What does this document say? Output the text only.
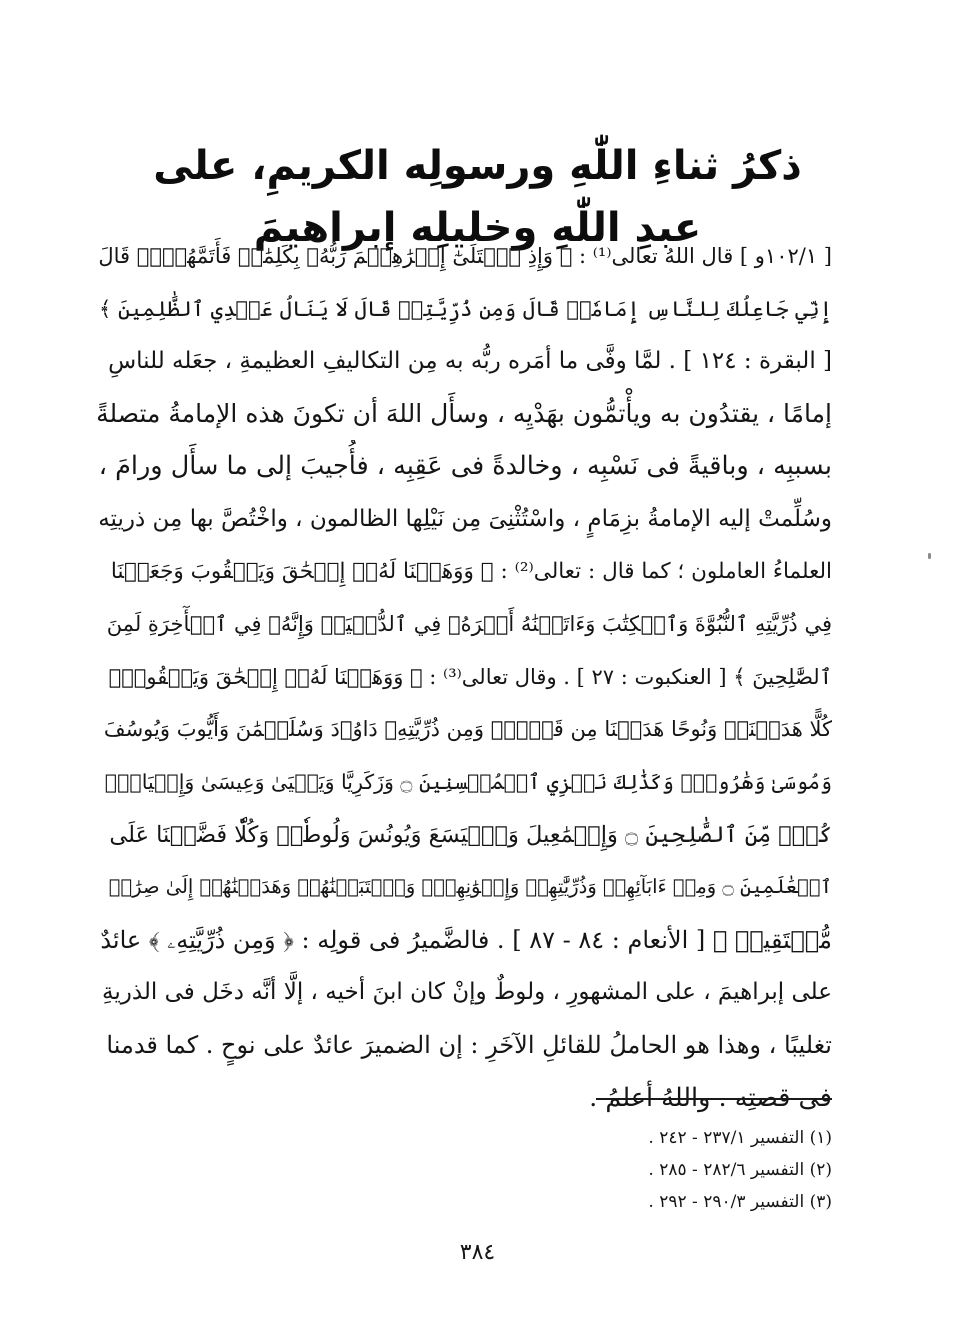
ذكرُ ثناءِ اللّٰهِ ورسولِه الكريمِ، على
عبدِ اللّٰهِ وخليلِه إبراهيمَ
[ ١٠٢/١و ] قال اللهُ تعالى⁽¹⁾ : ﴿ وَإِذِ ٱبۡتَلَىٰٓ إِبۡرَٰهِـۧمَ رَبُّهُۥ بِكَلِمَٰتٖ فَأَتَمَّهُنَّۖ قَالَ
إِنِّي جَاعِلُكَ لِلنَّاسِ إِمَامٗاۖ قَالَ وَمِن ذُرِّيَّتِيۖ قَالَ لَا يَنَالُ عَهۡدِي ٱلظَّٰلِمِينَ ﴾
[ البقرة : ١٢٤ ] . لمَّا وفَّى ما أمَره ربُّه به مِن التكاليفِ العظيمةِ ، جعَله للناسِ
إمامًا ، يقتدُون به ويأْتمُّون بهَدْيِه ، وسأَل اللهَ أن تكونَ هذه الإمامةُ متصلةً
بسببِه ، وباقيةً فى نَسْبِه ، وخالدةً فى عَقِبِه ، فأُجيبَ إلى ما سأَل ورامَ ،
وسُلِّمتْ إليه الإمامةُ بزِمَامٍ ، واسْتُثْنِىَ مِن نَيْلِها الظالمون ، واخْتُصَّ بها مِن ذريتِه
العلماءُ العاملون ؛ كما قال : تعالى⁽²⁾ : ﴿ وَوَهَبۡنَا لَهُۥٓ إِسۡحَٰقَ وَيَعۡقُوبَ وَجَعَلۡنَا
فِي ذُرِّيَّتِهِ ٱلنُّبُوَّةَ وَٱلۡكِتَٰبَ وَءَاتَيۡنَٰهُ أَجۡرَهُۥ فِي ٱلدُّنۡيَاۖ وَإِنَّهُۥ فِي ٱلۡأٓخِرَةِ لَمِنَ
ٱلصَّٰلِحِينَ ﴾ [ العنكبوت : ٢٧ ] . وقال تعالى⁽³⁾ : ﴿ وَوَهَبۡنَا لَهُۥٓ إِسۡحَٰقَ وَيَعۡقُوبَۚ
كُلًّا هَدَيۡنَاۚ وَنُوحًا هَدَيۡنَا مِن قَبۡلُۖ وَمِن ذُرِّيَّتِهِۦ دَاوُۥدَ وَسُلَيۡمَٰنَ وَأَيُّوبَ وَيُوسُفَ
وَمُوسَىٰ وَهَٰرُونَۚ وَكَذَٰلِكَ نَجۡزِي ٱلۡمُحۡسِنِينَ ۝ وَزَكَرِيَّا وَيَحۡيَىٰ وَعِيسَىٰ وَإِلۡيَاسَۖ
كُلّٞ مِّنَ ٱلصَّٰلِحِينَ ۝ وَإِسۡمَٰعِيلَ وَٱلۡيَسَعَ وَيُونُسَ وَلُوطٗاۚ وَكُلّٗا فَضَّلۡنَا عَلَى
ٱلۡعَٰلَمِينَ ۝ وَمِنۡ ءَابَآئِهِمۡ وَذُرِّيَّٰتِهِمۡ وَإِخۡوَٰنِهِمۡۖ وَٱجۡتَبَيۡنَٰهُمۡ وَهَدَيۡنَٰهُمۡ إِلَىٰ صِرَٰطٖ
مُّسۡتَقِيمٖ ﴾ [ الأنعام : ٨٤ - ٨٧ ] . فالضَّميرُ فى قولِه : ﴿ وَمِن ذُرِّيَّتِهِۦ ﴾ عائدٌ
على إبراهيمَ ، على المشهورِ ، ولوطٌ وإنْ كان ابنَ أخيه ، إلَّا أنَّه دخَل فى الذريةِ
تغليبًا ، وهذا هو الحاملُ للقائلِ الآخَرِ : إن الضميرَ عائدٌ على نوحٍ . كما قدمنا
فى قصتِه . واللهُ أعلمُ .
(١) التفسير ٢٣٧/١ - ٢٤٢ .
(٢) التفسير ٢٨٢/٦ - ٢٨٥ .
(٣) التفسير ٢٩٠/٣ - ٢٩٢ .
٣٨٤
